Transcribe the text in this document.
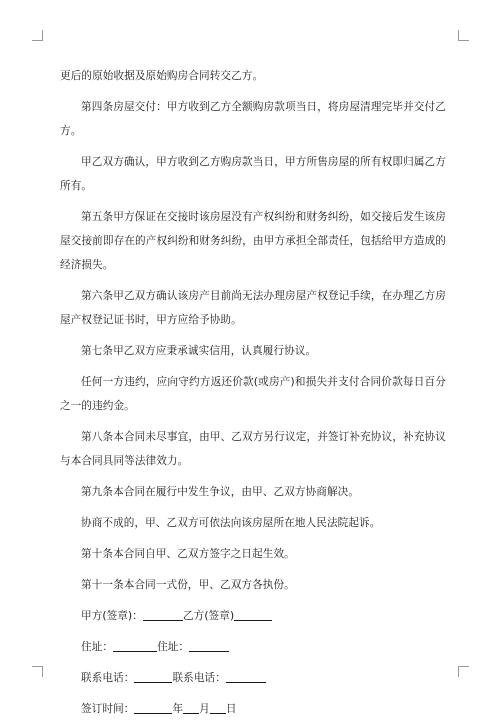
更后的原始收据及原始购房合同转交乙方。

第四条房屋交付：甲方收到乙方全额购房款项当日，将房屋清理完毕并交付乙方。

甲乙双方确认，甲方收到乙方购房款当日，甲方所售房屋的所有权即归属乙方所有。

第五条甲方保证在交接时该房屋没有产权纠纷和财务纠纷，如交接后发生该房屋交接前即存在的产权纠纷和财务纠纷，由甲方承担全部责任，包括给甲方造成的经济损失。

第六条甲乙双方确认该房产目前尚无法办理房屋产权登记手续，在办理乙方房屋产权登记证书时，甲方应给予协助。

第七条甲乙双方应秉承诚实信用，认真履行协议。

任何一方违约，应向守约方返还价款(或房产)和损失并支付合同价款每日百分之一的违约金。

第八条本合同未尽事宜，由甲、乙双方另行议定，并签订补充协议，补充协议与本合同具同等法律效力。

第九条本合同在履行中发生争议，由甲、乙双方协商解决。

协商不成的，甲、乙双方可依法向该房屋所在地人民法院起诉。

第十条本合同自甲、乙双方签字之日起生效。

第十一条本合同一式份，甲、乙双方各执份。

甲方(签章)：	乙方(签章)
住址：	住址：
联系电话：	联系电话：
签订时间：	年 月 日
